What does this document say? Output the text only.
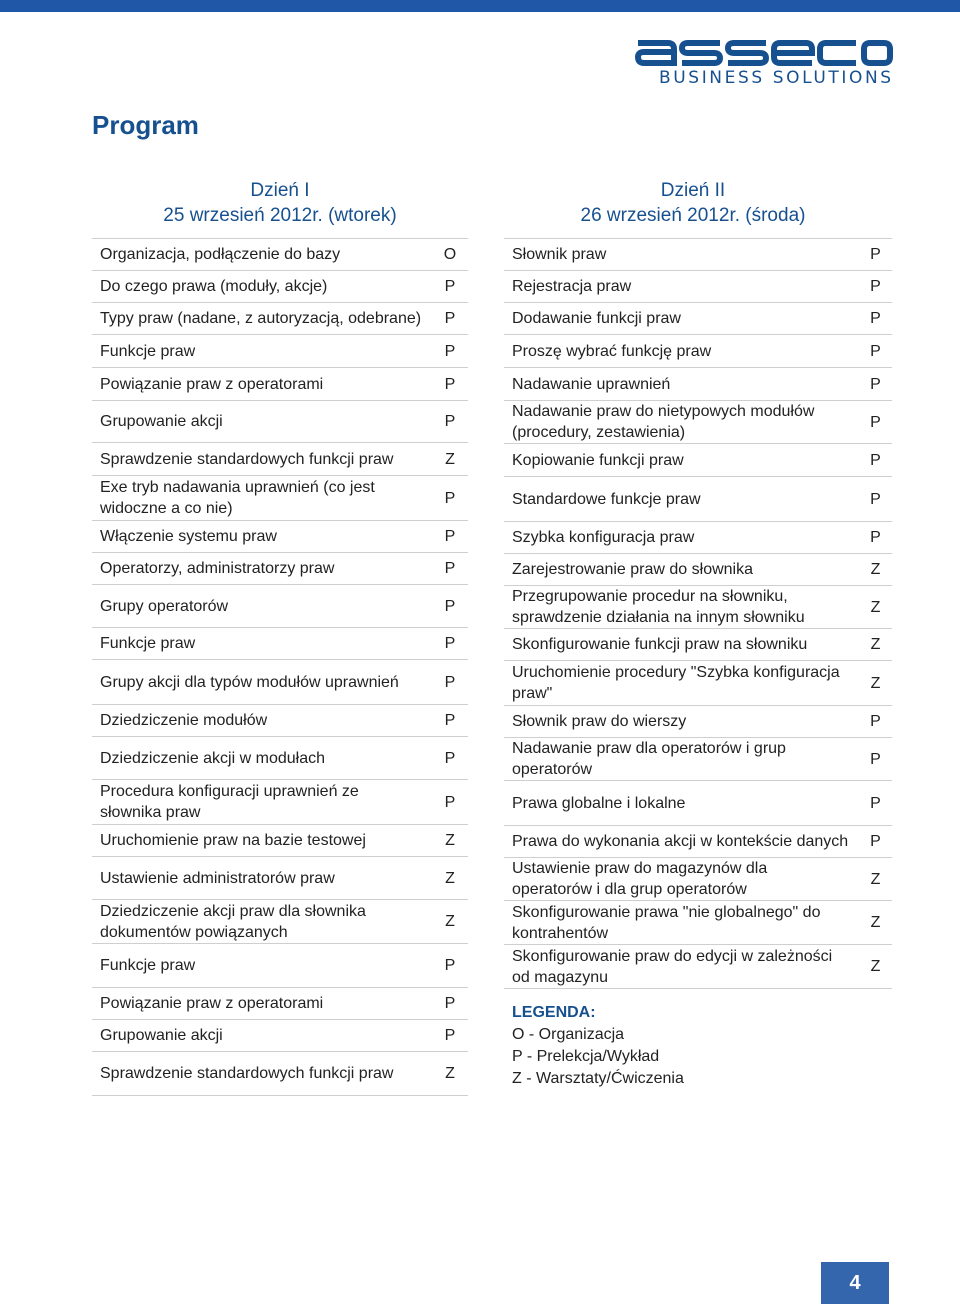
BUSINESS SOLUTIONS
Program
Dzień I
25 wrzesień 2012r. (wtorek)
Dzień II
26 wrzesień 2012r. (środa)
Organizacja, podłączenie do bazy	O
Do czego prawa (moduły, akcje)	P
Typy praw (nadane, z autoryzacją, odebrane)	P
Funkcje praw	P
Powiązanie praw z operatorami	P
Grupowanie akcji	P
Sprawdzenie standardowych funkcji praw	Z
Exe tryb nadawania uprawnień (co jest widoczne a co nie)	P
Włączenie systemu praw	P
Operatorzy, administratorzy praw	P
Grupy operatorów	P
Funkcje praw	P
Grupy akcji dla typów modułów uprawnień	P
Dziedziczenie modułów	P
Dziedziczenie akcji w modułach	P
Procedura konfiguracji uprawnień ze słownika praw	P
Uruchomienie praw na bazie testowej	Z
Ustawienie administratorów praw	Z
Dziedziczenie akcji praw dla słownika dokumentów powiązanych	Z
Funkcje praw	P
Powiązanie praw z operatorami	P
Grupowanie akcji	P
Sprawdzenie standardowych funkcji praw	Z
Słownik praw	P
Rejestracja praw	P
Dodawanie funkcji praw	P
Proszę wybrać funkcję praw	P
Nadawanie uprawnień	P
Nadawanie praw do nietypowych modułów (procedury, zestawienia)	P
Kopiowanie funkcji praw	P
Standardowe funkcje praw	P
Szybka konfiguracja praw	P
Zarejestrowanie praw do słownika	Z
Przegrupowanie procedur na słowniku, sprawdzenie działania na innym słowniku	Z
Skonfigurowanie funkcji praw na słowniku	Z
Uruchomienie procedury "Szybka konfiguracja praw"	Z
Słownik praw do wierszy	P
Nadawanie praw dla operatorów i grup operatorów	P
Prawa globalne i lokalne	P
Prawa do wykonania akcji w kontekście danych	P
Ustawienie praw do magazynów dla operatorów i dla grup operatorów	Z
Skonfigurowanie prawa "nie globalnego" do kontrahentów	Z
Skonfigurowanie praw do edycji w zależności od magazynu	Z
LEGENDA:
O - Organizacja
P - Prelekcja/Wykład
Z - Warsztaty/Ćwiczenia
4
